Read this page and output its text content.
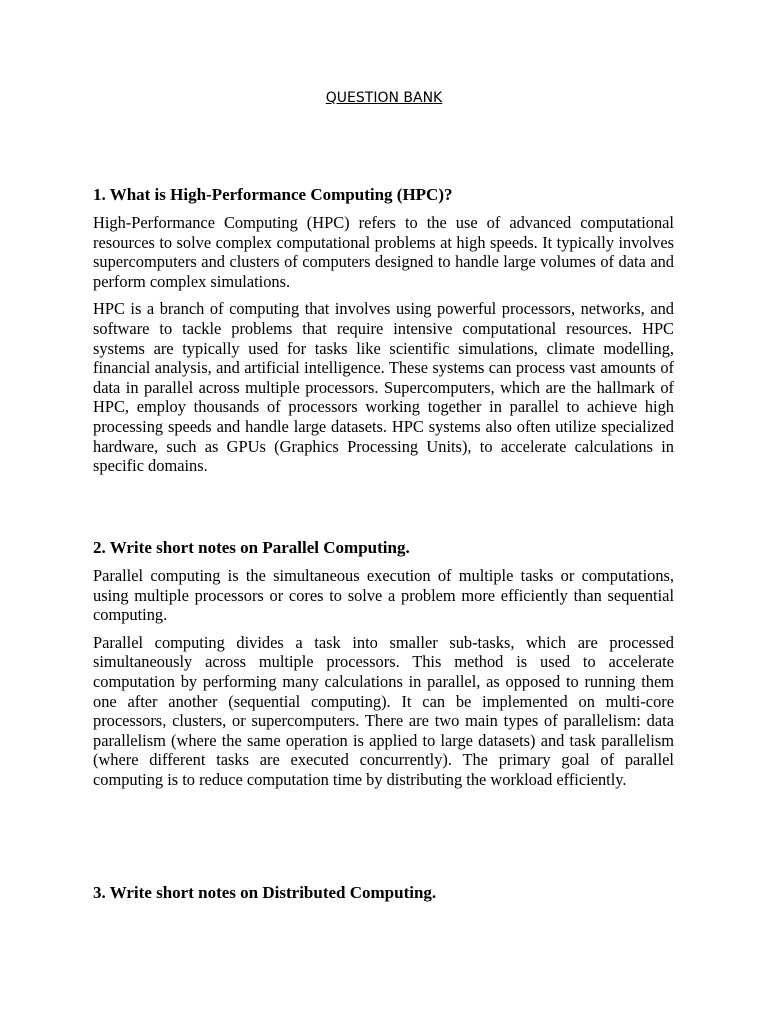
QUESTION BANK

1. What is High-Performance Computing (HPC)?

High-Performance Computing (HPC) refers to the use of advanced computational resources to solve complex computational problems at high speeds. It typically involves supercomputers and clusters of computers designed to handle large volumes of data and perform complex simulations.

HPC is a branch of computing that involves using powerful processors, networks, and software to tackle problems that require intensive computational resources. HPC systems are typically used for tasks like scientific simulations, climate modelling, financial analysis, and artificial intelligence. These systems can process vast amounts of data in parallel across multiple processors. Supercomputers, which are the hallmark of HPC, employ thousands of processors working together in parallel to achieve high processing speeds and handle large datasets. HPC systems also often utilize specialized hardware, such as GPUs (Graphics Processing Units), to accelerate calculations in specific domains.

2. Write short notes on Parallel Computing.

Parallel computing is the simultaneous execution of multiple tasks or computations, using multiple processors or cores to solve a problem more efficiently than sequential computing.

Parallel computing divides a task into smaller sub-tasks, which are processed simultaneously across multiple processors. This method is used to accelerate computation by performing many calculations in parallel, as opposed to running them one after another (sequential computing). It can be implemented on multi-core processors, clusters, or supercomputers. There are two main types of parallelism: data parallelism (where the same operation is applied to large datasets) and task parallelism (where different tasks are executed concurrently). The primary goal of parallel computing is to reduce computation time by distributing the workload efficiently.

3. Write short notes on Distributed Computing.
